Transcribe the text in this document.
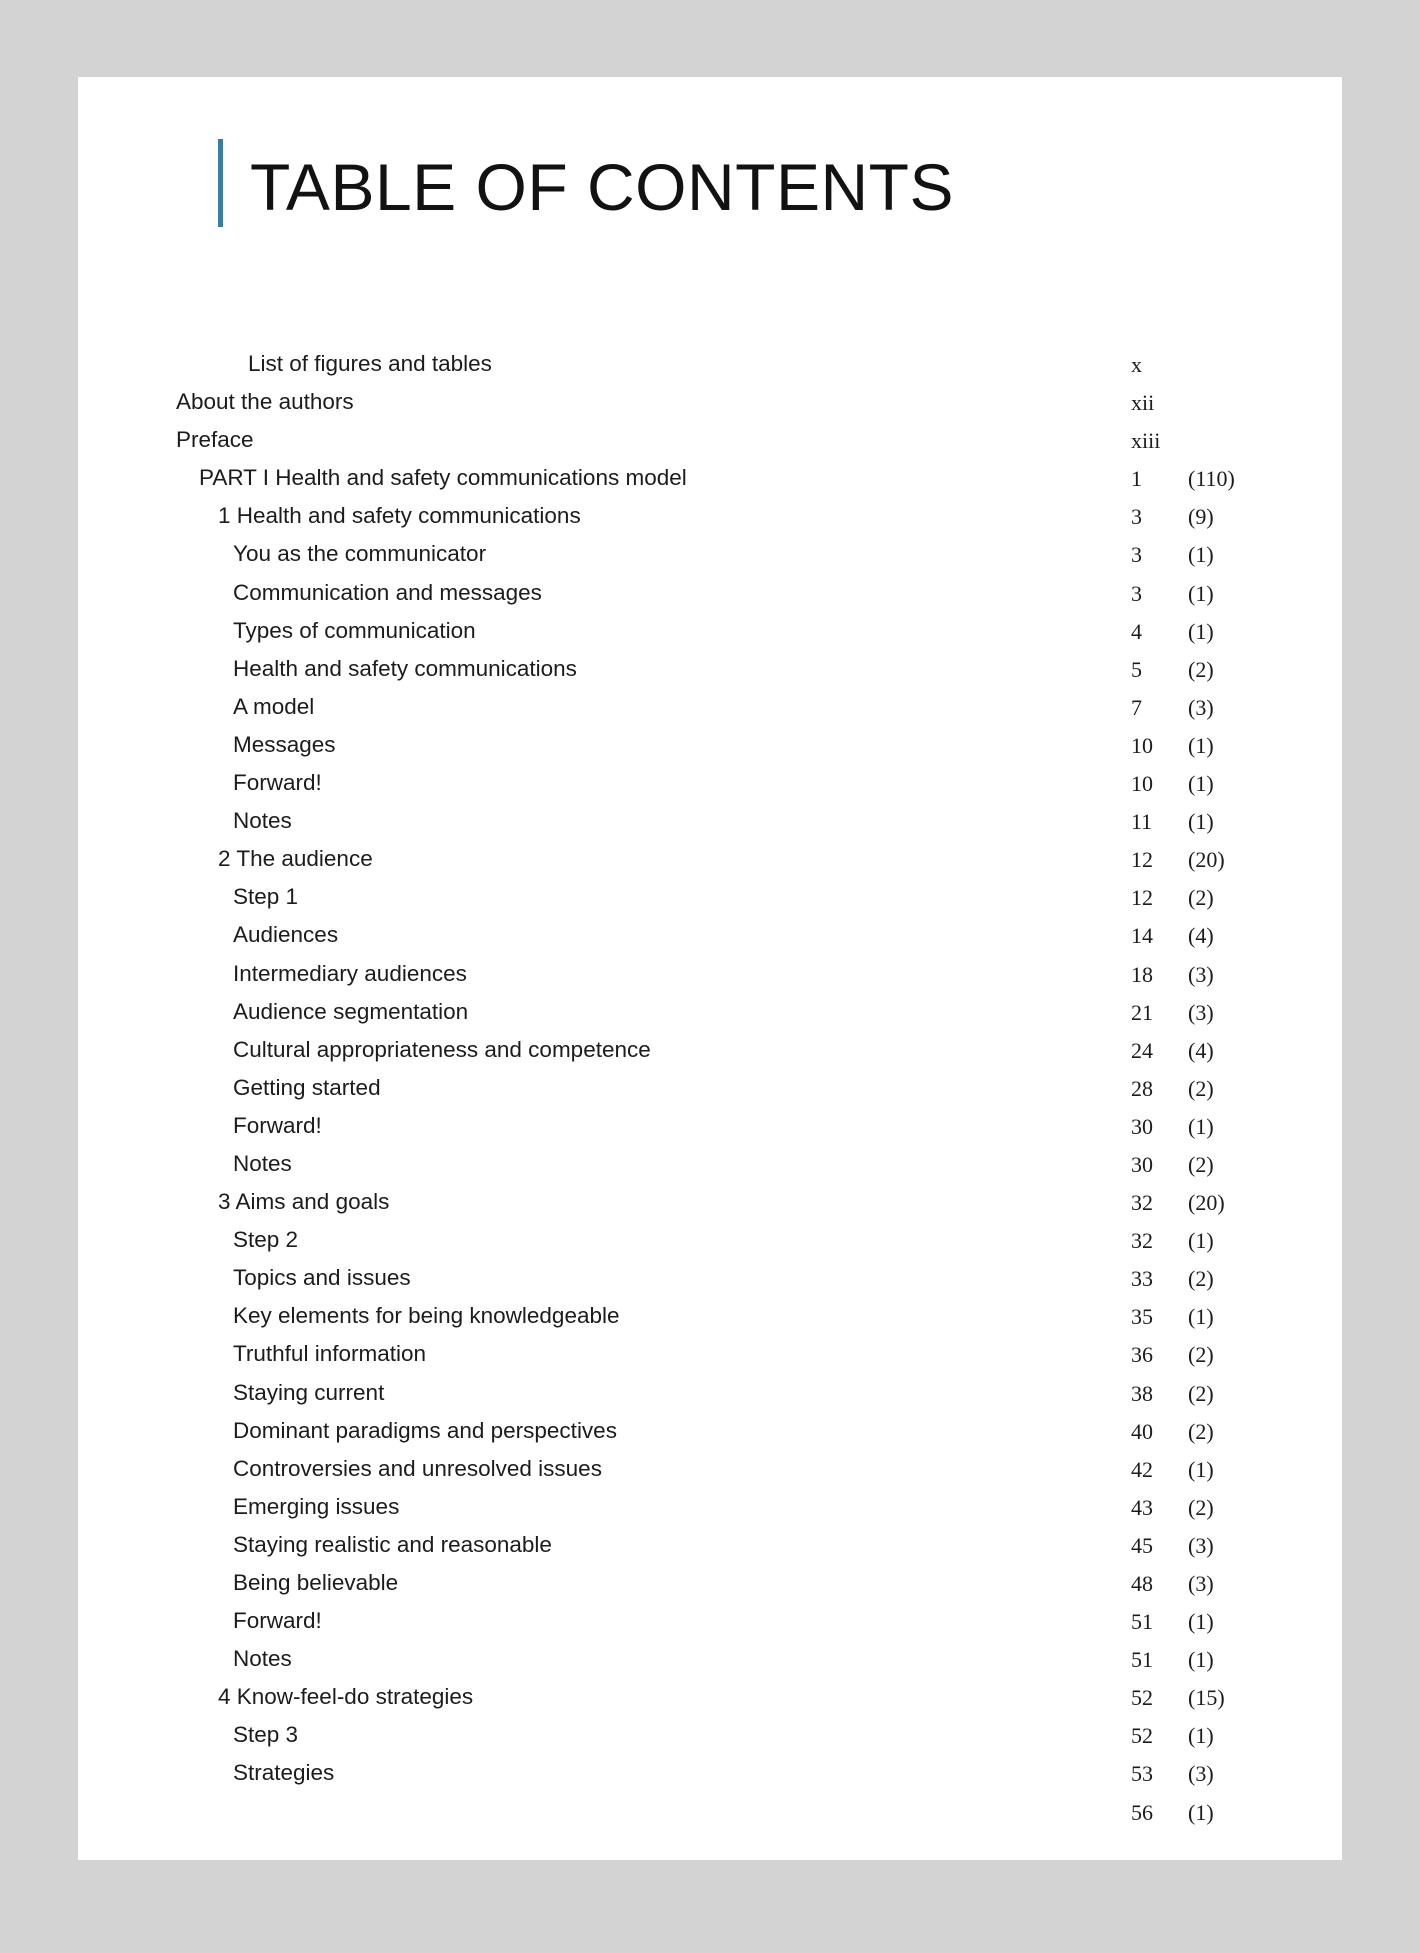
TABLE OF CONTENTS
List of figures and tables	x
About the authors	xii
Preface	xiii
PART I Health and safety communications model	1 (110)
1 Health and safety communications	3 (9)
You as the communicator	3 (1)
Communication and messages	3 (1)
Types of communication	4 (1)
Health and safety communications	5 (2)
A model	7 (3)
Messages	10 (1)
Forward!	10 (1)
Notes	11 (1)
2 The audience	12 (20)
Step 1	12 (2)
Audiences	14 (4)
Intermediary audiences	18 (3)
Audience segmentation	21 (3)
Cultural appropriateness and competence	24 (4)
Getting started	28 (2)
Forward!	30 (1)
Notes	30 (2)
3 Aims and goals	32 (20)
Step 2	32 (1)
Topics and issues	33 (2)
Key elements for being knowledgeable	35 (1)
Truthful information	36 (2)
Staying current	38 (2)
Dominant paradigms and perspectives	40 (2)
Controversies and unresolved issues	42 (1)
Emerging issues	43 (2)
Staying realistic and reasonable	45 (3)
Being believable	48 (3)
Forward!	51 (1)
Notes	51 (1)
4 Know-feel-do strategies	52 (15)
Step 3	52 (1)
Strategies	53 (3)
56 (1)
